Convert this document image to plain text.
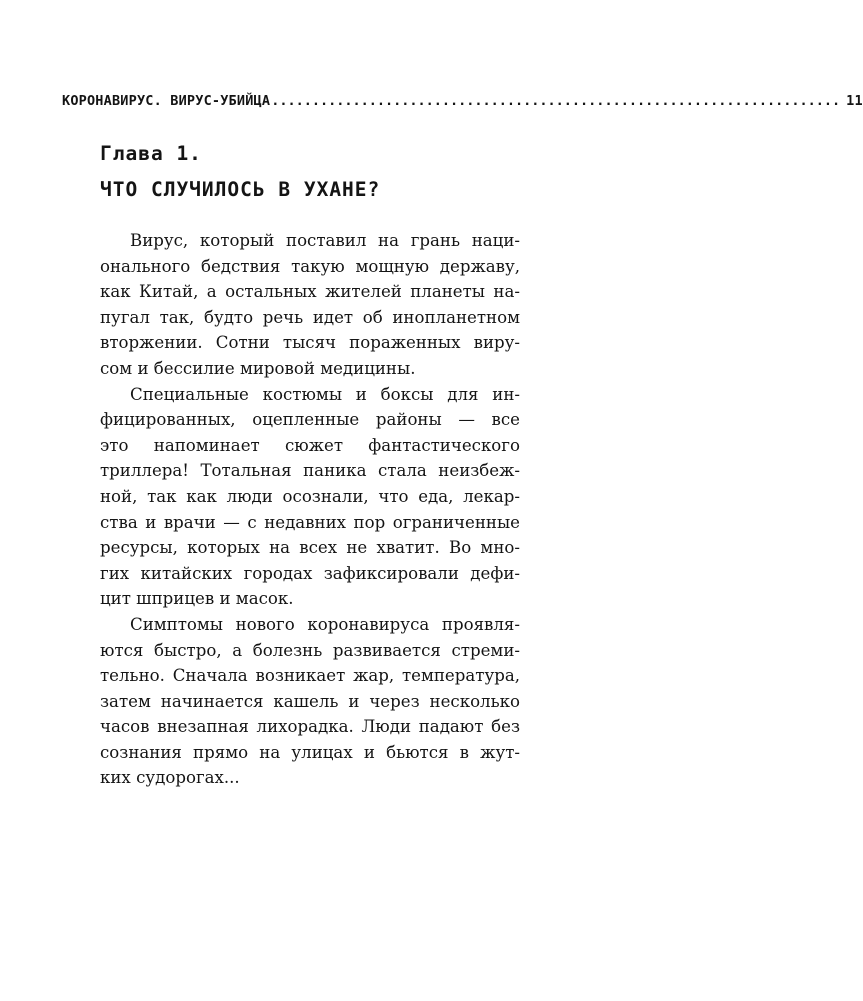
КОРОНАВИРУС. ВИРУС-УБИЙЦА ...................................................................... 11
Глава 1.
ЧТО СЛУЧИЛОСЬ В УХАНЕ?

Вирус, который поставил на грань наци-
онального бедствия такую мощную державу,
как Китай, а остальных жителей планеты на-
пугал так, будто речь идет об инопланетном
вторжении. Сотни тысяч пораженных виру-
сом и бессилие мировой медицины.

Специальные костюмы и боксы для ин-
фицированных, оцепленные районы — все
это напоминает сюжет фантастического
триллера! Тотальная паника стала неизбеж-
ной, так как люди осознали, что еда, лекар-
ства и врачи — с недавних пор ограниченные
ресурсы, которых на всех не хватит. Во мно-
гих китайских городах зафиксировали дефи-
цит шприцев и масок.

Симптомы нового коронавируса проявля-
ются быстро, а болезнь развивается стреми-
тельно. Сначала возникает жар, температура,
затем начинается кашель и через несколько
часов внезапная лихорадка. Люди падают без
сознания прямо на улицах и бьются в жут-
ких судорогах...
